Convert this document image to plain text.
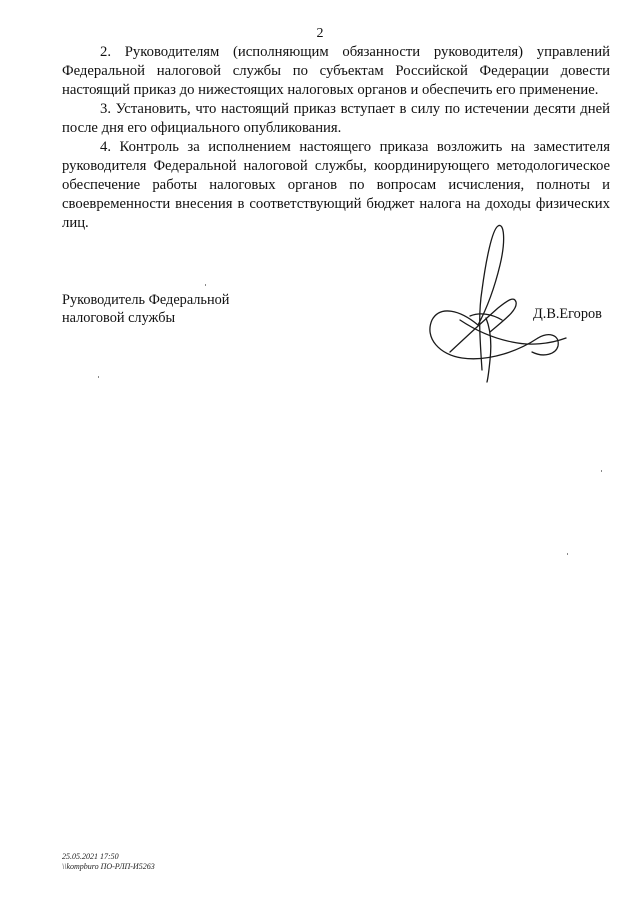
2

2. Руководителям (исполняющим обязанности руководителя) управлений Федеральной налоговой службы по субъектам Российской Федерации довести настоящий приказ до нижестоящих налоговых органов и обеспечить его применение.

3. Установить, что настоящий приказ вступает в силу по истечении десяти дней после дня его официального опубликования.

4. Контроль за исполнением настоящего приказа возложить на заместителя руководителя Федеральной налоговой службы, координирующего методологическое обеспечение работы налоговых органов по вопросам исчисления, полноты и своевременности внесения в соответствующий бюджет налога на доходы физических лиц.

Руководитель Федеральной
налоговой службы	Д.В.Егоров
25.05.2021 17:50
\\kompburo ПО-РЛП-И5263
